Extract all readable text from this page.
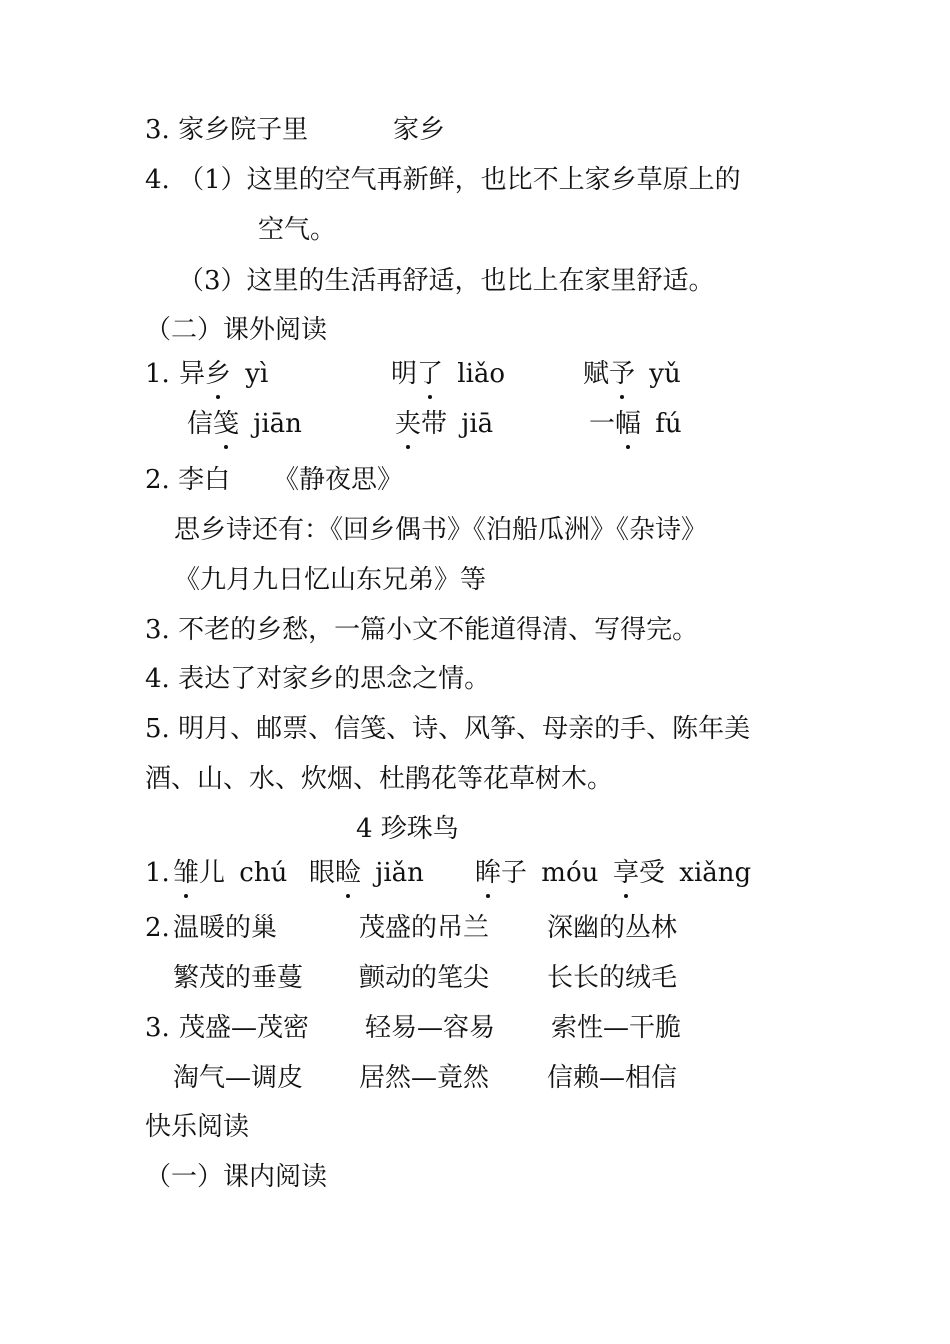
3. 家乡院子里	家乡
4. （1）这里的空气再新鲜，也比不上家乡草原上的
空气。
（3）这里的生活再舒适，也比上在家里舒适。
（二）课外阅读
1. 异乡 yì	明了 liǎo	赋予 yǔ
信笺 jiān	夹带 jiā	一幅 fú
2. 李白 《静夜思》
思乡诗还有：《回乡偶书》《泊船瓜洲》《杂诗》
《九月九日忆山东兄弟》等
3. 不老的乡愁，一篇小文不能道得清、写得完。
4. 表达了对家乡的思念之情。
5. 明月、邮票、信笺、诗、风筝、母亲的手、陈年美
酒、山、水、炊烟、杜鹃花等花草树木。
4 珍珠鸟
1. 雏儿 chú 眼睑 jiǎn 眸子 móu 享受 xiǎng
2. 温暖的巢	茂盛的吊兰 深幽的丛林
繁茂的垂蔓 颤动的笔尖 长长的绒毛
3. 茂盛—茂密 轻易—容易 索性—干脆
淘气—调皮 居然—竟然 信赖—相信
快乐阅读
（一）课内阅读
